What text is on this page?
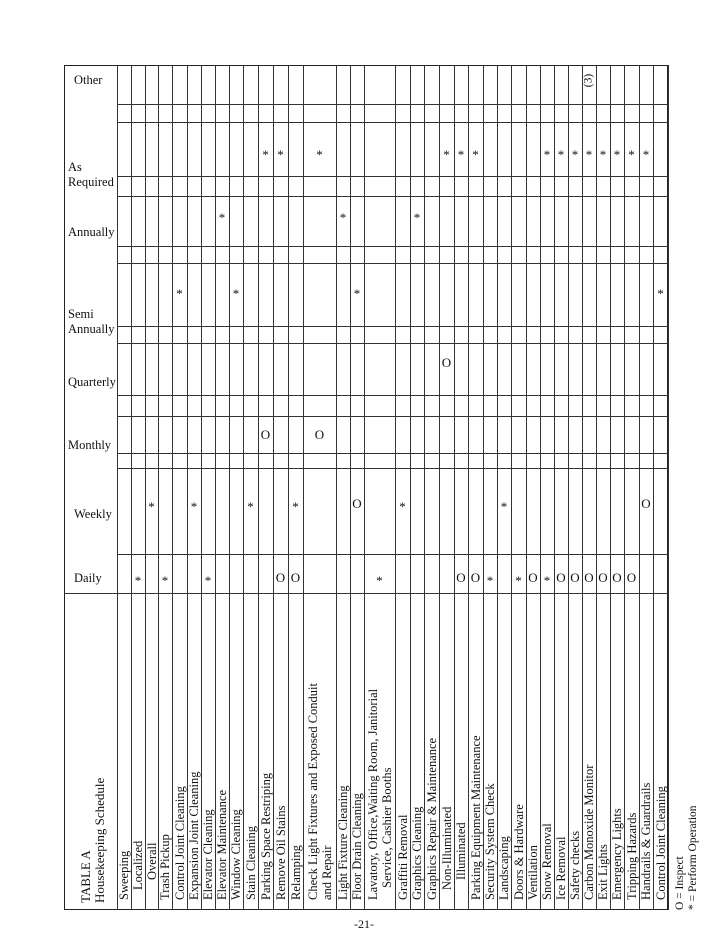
Daily
Weekly
Monthly
Quarterly
Semi
Annually
Annually
As
Required
Other
Sweeping Localized
*
Overall
*
Trash Pickup
*
Control Joint Cleaning
*
Expansion Joint Cleaning
*
Elevator Cleaning
*
Elevator Maintenance
*
Window Cleaning
*
Stain Cleaning
*
Parking Space Restriping
O
*
Remove Oil Stains
O
*
Relamping
O
*
Check Light Fixtures and Exposed Conduit
and Repair
O
*
Light Fixture Cleaning
*
Floor Drain Cleaning
O
*
Lavatory, Office,Waiting Room, Janitorial Service, Cashier Booths
*
Graffiti Removal
*
Graphics Cleaning
*
Graphics Repair & Maintenance Non-Illuminated
O
*
Illuminated
O
*
Parking Equipment Maintenance
O
*
Security System Check
*
Landscaping
*
Doors & Hardware
*
Ventilation
O
Snow Removal
*
*
Ice Removal
O
*
Safety checks
O
*
Carbon Monoxide Monitor
O
*
(3)
Exit Lights
O
*
Emergency Lights
O
*
Tripping Hazards
O
*
Handrails & Guardrails
O
*
Control Joint Cleaning
*
TABLE A Housekeeping Schedule	O = Inspect * = Perform Operation
-21-
